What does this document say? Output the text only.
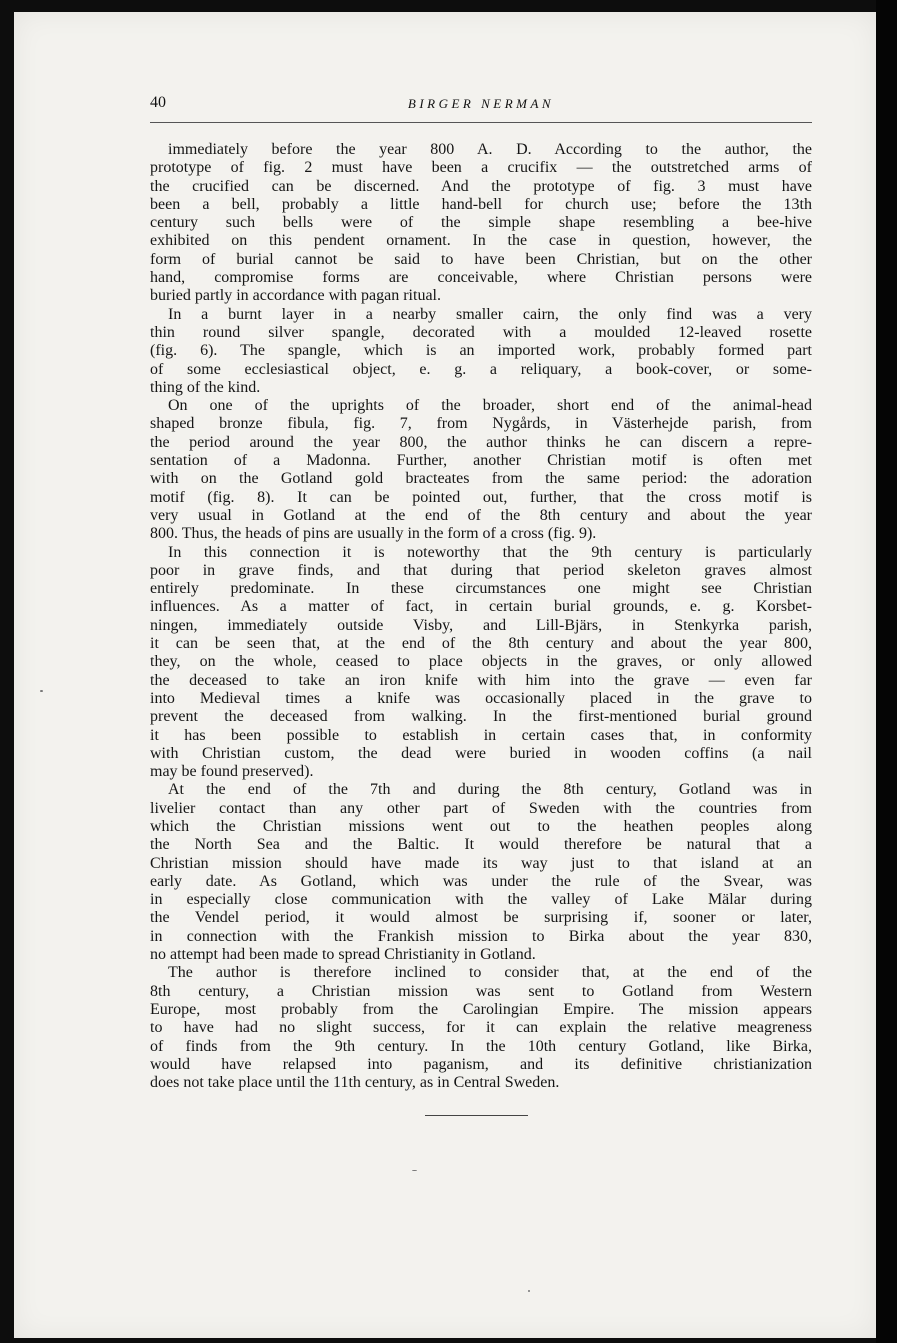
40	BIRGER NERMAN
immediately before the year 800 A. D. According to the author, the
prototype of fig. 2 must have been a crucifix — the outstretched arms of
the crucified can be discerned. And the prototype of fig. 3 must have
been a bell, probably a little hand-bell for church use; before the 13th
century such bells were of the simple shape resembling a bee-hive
exhibited on this pendent ornament. In the case in question, however, the
form of burial cannot be said to have been Christian, but on the other
hand, compromise forms are conceivable, where Christian persons were
buried partly in accordance with pagan ritual.
In a burnt layer in a nearby smaller cairn, the only find was a very
thin round silver spangle, decorated with a moulded 12-leaved rosette
(fig. 6). The spangle, which is an imported work, probably formed part
of some ecclesiastical object, e. g. a reliquary, a book-cover, or some-
thing of the kind.
On one of the uprights of the broader, short end of the animal-head
shaped bronze fibula, fig. 7, from Nygårds, in Västerhejde parish, from
the period around the year 800, the author thinks he can discern a repre-
sentation of a Madonna. Further, another Christian motif is often met
with on the Gotland gold bracteates from the same period: the adoration
motif (fig. 8). It can be pointed out, further, that the cross motif is
very usual in Gotland at the end of the 8th century and about the year
800. Thus, the heads of pins are usually in the form of a cross (fig. 9).
In this connection it is noteworthy that the 9th century is particularly
poor in grave finds, and that during that period skeleton graves almost
entirely predominate. In these circumstances one might see Christian
influences. As a matter of fact, in certain burial grounds, e. g. Korsbet-
ningen, immediately outside Visby, and Lill-Bjärs, in Stenkyrka parish,
it can be seen that, at the end of the 8th century and about the year 800,
they, on the whole, ceased to place objects in the graves, or only allowed
the deceased to take an iron knife with him into the grave — even far
into Medieval times a knife was occasionally placed in the grave to
prevent the deceased from walking. In the first-mentioned burial ground
it has been possible to establish in certain cases that, in conformity
with Christian custom, the dead were buried in wooden coffins (a nail
may be found preserved).
At the end of the 7th and during the 8th century, Gotland was in
livelier contact than any other part of Sweden with the countries from
which the Christian missions went out to the heathen peoples along
the North Sea and the Baltic. It would therefore be natural that a
Christian mission should have made its way just to that island at an
early date. As Gotland, which was under the rule of the Svear, was
in especially close communication with the valley of Lake Mälar during
the Vendel period, it would almost be surprising if, sooner or later,
in connection with the Frankish mission to Birka about the year 830,
no attempt had been made to spread Christianity in Gotland.
The author is therefore inclined to consider that, at the end of the
8th century, a Christian mission was sent to Gotland from Western
Europe, most probably from the Carolingian Empire. The mission appears
to have had no slight success, for it can explain the relative meagreness
of finds from the 9th century. In the 10th century Gotland, like Birka,
would have relapsed into paganism, and its definitive christianization
does not take place until the 11th century, as in Central Sweden.
